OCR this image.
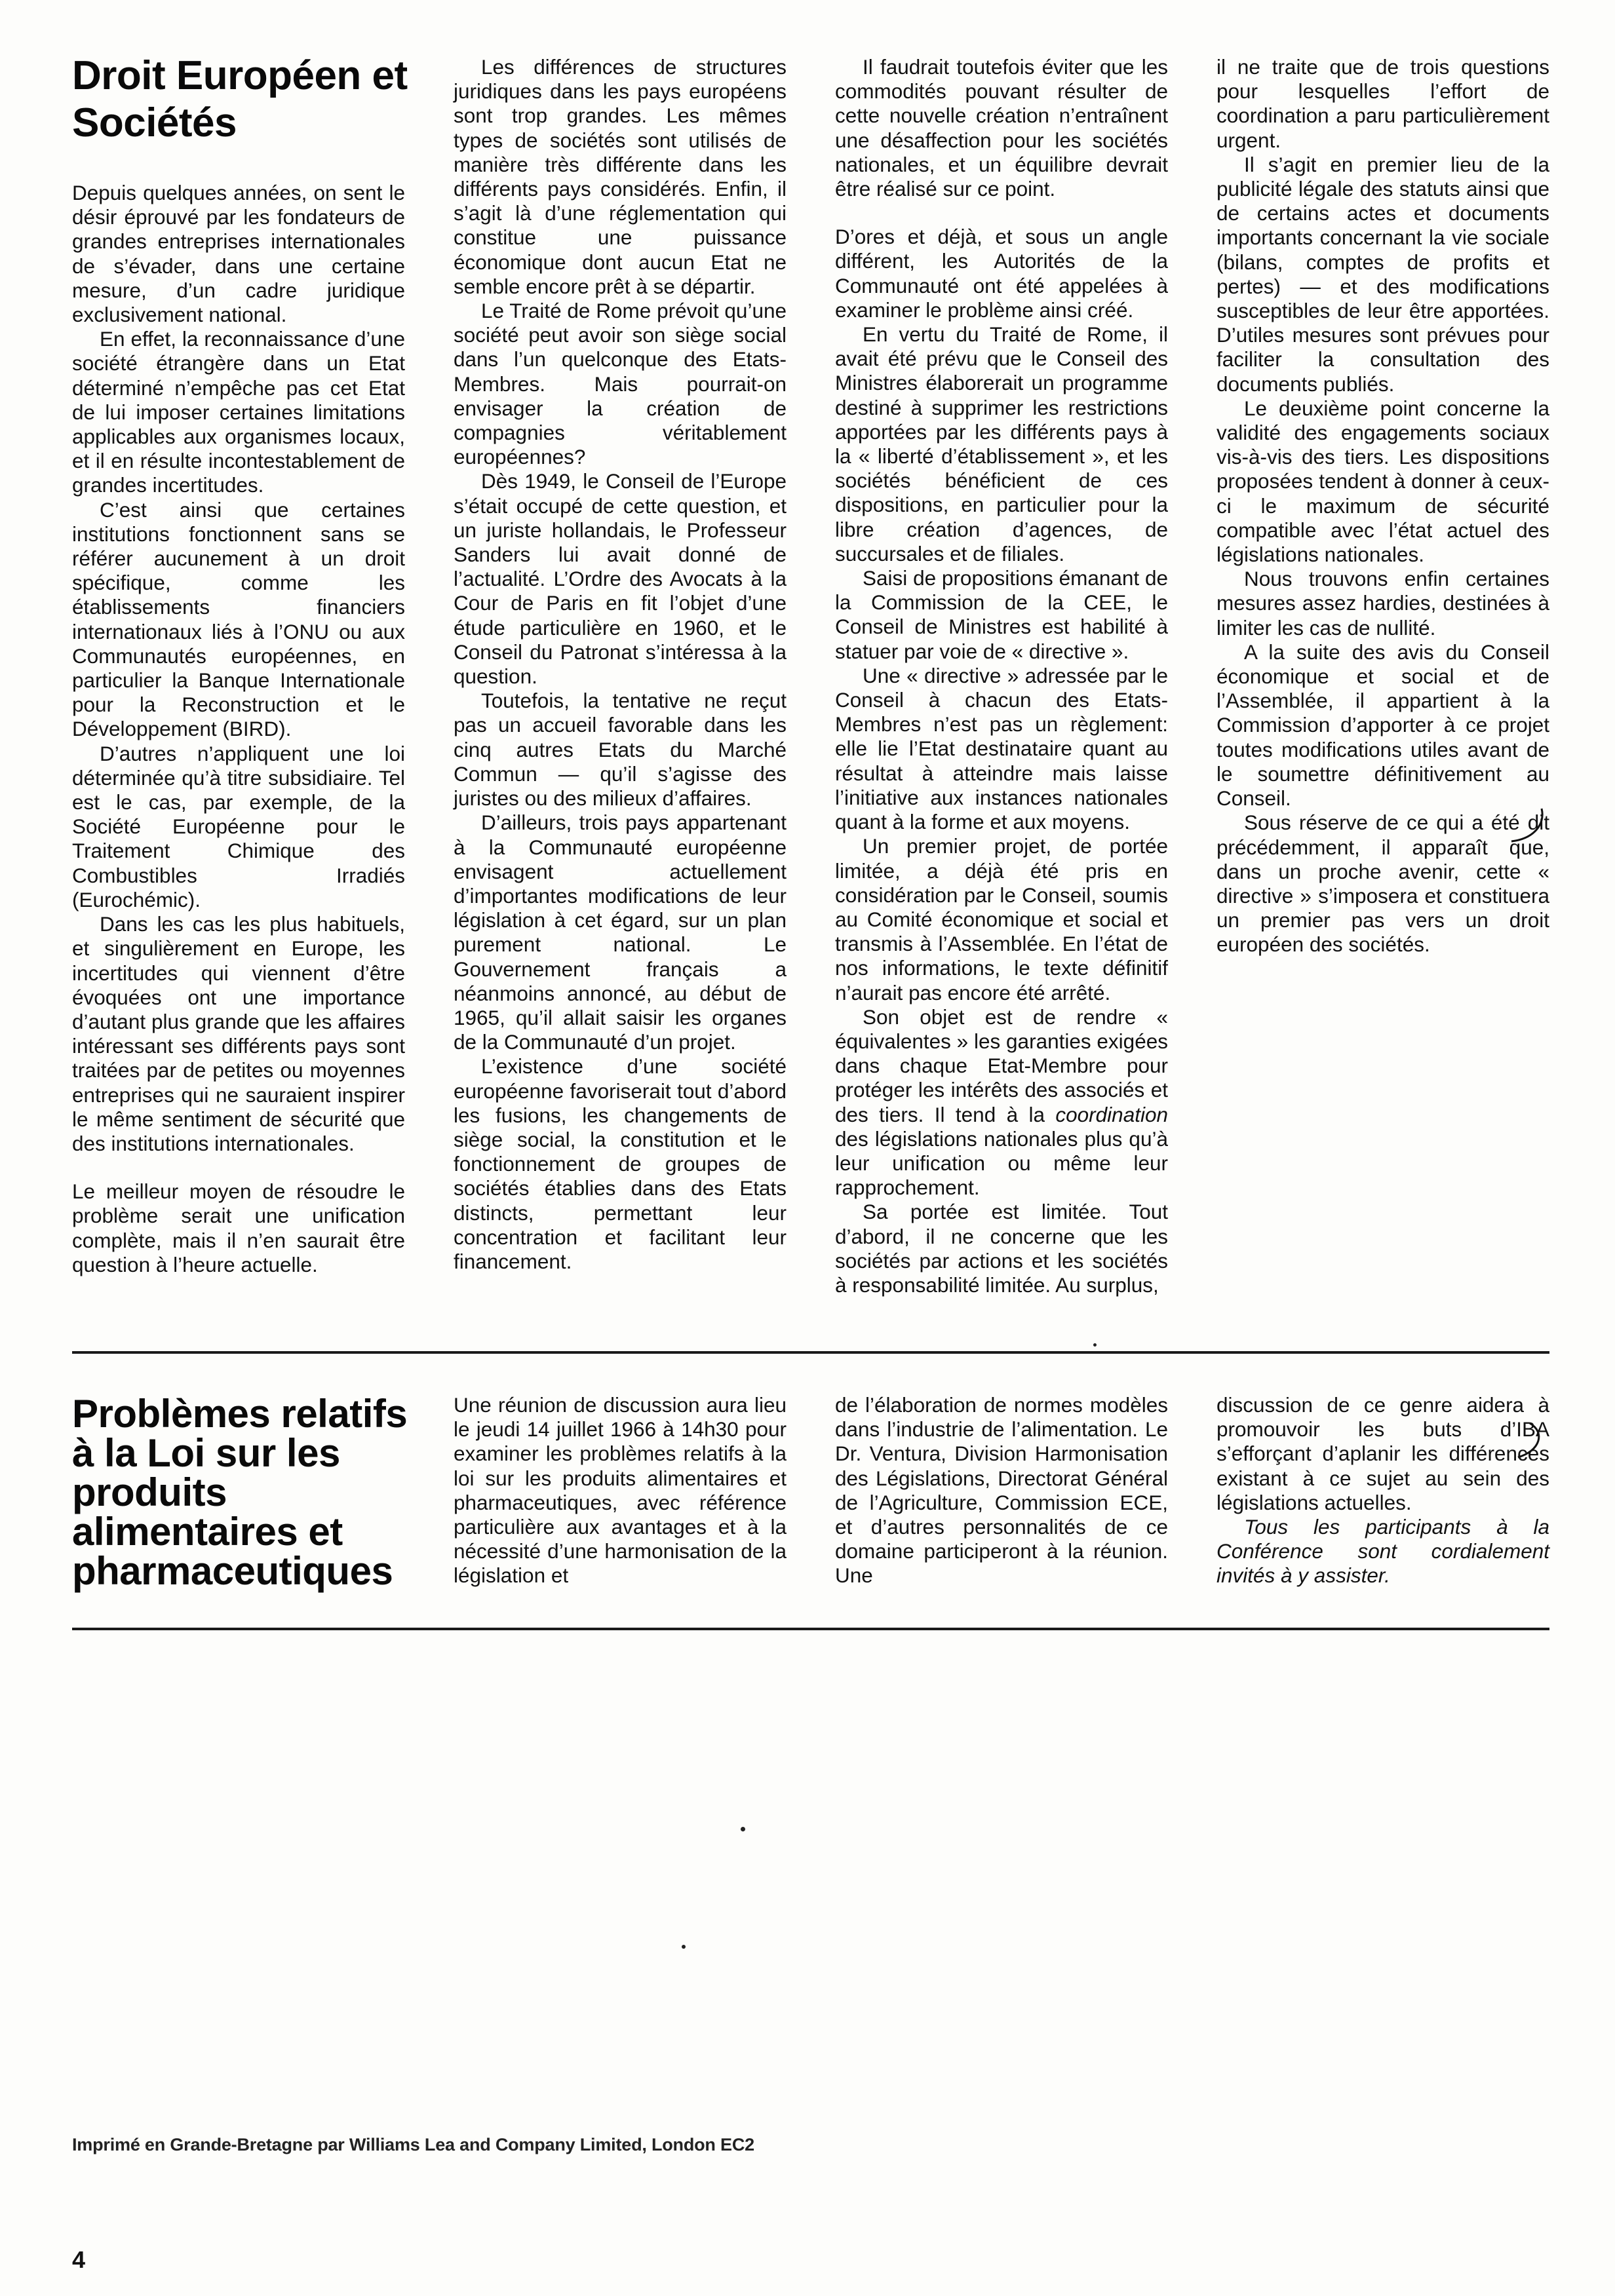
Droit Européen et Sociétés

Depuis quelques années, on sent le désir éprouvé par les fondateurs de grandes entreprises internationales de s’évader, dans une certaine mesure, d’un cadre juridique exclusivement national.

En effet, la reconnaissance d’une société étrangère dans un Etat déterminé n’empêche pas cet Etat de lui imposer certaines limitations applicables aux organismes locaux, et il en résulte incontestablement de grandes incertitudes.

C’est ainsi que certaines institutions fonctionnent sans se référer aucunement à un droit spécifique, comme les établissements financiers internationaux liés à l’ONU ou aux Communautés européennes, en particulier la Banque Internationale pour la Reconstruction et le Développement (BIRD).

D’autres n’appliquent une loi déterminée qu’à titre subsidiaire. Tel est le cas, par exemple, de la Société Européenne pour le Traitement Chimique des Combustibles Irradiés (Eurochémic).

Dans les cas les plus habituels, et singulièrement en Europe, les incertitudes qui viennent d’être évoquées ont une importance d’autant plus grande que les affaires intéressant ses différents pays sont traitées par de petites ou moyennes entreprises qui ne sauraient inspirer le même sentiment de sécurité que des institutions internationales.

Le meilleur moyen de résoudre le problème serait une unification complète, mais il n’en saurait être question à l’heure actuelle.

Les différences de structures juridiques dans les pays européens sont trop grandes. Les mêmes types de sociétés sont utilisés de manière très différente dans les différents pays considérés. Enfin, il s’agit là d’une réglementation qui constitue une puissance économique dont aucun Etat ne semble encore prêt à se départir.

Le Traité de Rome prévoit qu’une société peut avoir son siège social dans l’un quelconque des Etats-Membres. Mais pourrait-on envisager la création de compagnies véritablement européennes?

Dès 1949, le Conseil de l’Europe s’était occupé de cette question, et un juriste hollandais, le Professeur Sanders lui avait donné de l’actualité. L’Ordre des Avocats à la Cour de Paris en fit l’objet d’une étude particulière en 1960, et le Conseil du Patronat s’intéressa à la question.

Toutefois, la tentative ne reçut pas un accueil favorable dans les cinq autres Etats du Marché Commun — qu’il s’agisse des juristes ou des milieux d’affaires.

D’ailleurs, trois pays appartenant à la Communauté européenne envisagent actuellement d’importantes modifications de leur législation à cet égard, sur un plan purement national. Le Gouvernement français a néanmoins annoncé, au début de 1965, qu’il allait saisir les organes de la Communauté d’un projet.

L’existence d’une société européenne favoriserait tout d’abord les fusions, les changements de siège social, la constitution et le fonctionnement de groupes de sociétés établies dans des Etats distincts, permettant leur concentration et facilitant leur financement.

Il faudrait toutefois éviter que les commodités pouvant résulter de cette nouvelle création n’entraînent une désaffection pour les sociétés nationales, et un équilibre devrait être réalisé sur ce point.

D’ores et déjà, et sous un angle différent, les Autorités de la Communauté ont été appelées à examiner le problème ainsi créé.

En vertu du Traité de Rome, il avait été prévu que le Conseil des Ministres élaborerait un programme destiné à supprimer les restrictions apportées par les différents pays à la « liberté d’établissement », et les sociétés bénéficient de ces dispositions, en particulier pour la libre création d’agences, de succursales et de filiales.

Saisi de propositions émanant de la Commission de la CEE, le Conseil de Ministres est habilité à statuer par voie de « directive ».

Une « directive » adressée par le Conseil à chacun des Etats-Membres n’est pas un règlement: elle lie l’Etat destinataire quant au résultat à atteindre mais laisse l’initiative aux instances nationales quant à la forme et aux moyens.

Un premier projet, de portée limitée, a déjà été pris en considération par le Conseil, soumis au Comité économique et social et transmis à l’Assemblée. En l’état de nos informations, le texte définitif n’aurait pas encore été arrêté.

Son objet est de rendre « équivalentes » les garanties exigées dans chaque Etat-Membre pour protéger les intérêts des associés et des tiers. Il tend à la coordination des législations nationales plus qu’à leur unification ou même leur rapprochement.

Sa portée est limitée. Tout d’abord, il ne concerne que les sociétés par actions et les sociétés à responsabilité limitée. Au surplus,

il ne traite que de trois questions pour lesquelles l’effort de coordination a paru particulièrement urgent.

Il s’agit en premier lieu de la publicité légale des statuts ainsi que de certains actes et documents importants concernant la vie sociale (bilans, comptes de profits et pertes) — et des modifications susceptibles de leur être apportées. D’utiles mesures sont prévues pour faciliter la consultation des documents publiés.

Le deuxième point concerne la validité des engagements sociaux vis-à-vis des tiers. Les dispositions proposées tendent à donner à ceux-ci le maximum de sécurité compatible avec l’état actuel des législations nationales.

Nous trouvons enfin certaines mesures assez hardies, destinées à limiter les cas de nullité.

A la suite des avis du Conseil économique et social et de l’Assemblée, il appartient à la Commission d’apporter à ce projet toutes modifications utiles avant de le soumettre définitivement au Conseil.

Sous réserve de ce qui a été dit précédemment, il apparaît que, dans un proche avenir, cette « directive » s’imposera et constituera un premier pas vers un droit européen des sociétés.

Problèmes relatifs à la Loi sur les produits alimentaires et pharmaceutiques

Une réunion de discussion aura lieu le jeudi 14 juillet 1966 à 14h30 pour examiner les problèmes relatifs à la loi sur les produits alimentaires et pharmaceutiques, avec référence particulière aux avantages et à la nécessité d’une harmonisation de la législation et

de l’élaboration de normes modèles dans l’industrie de l’alimentation. Le Dr. Ventura, Division Harmonisation des Législations, Directorat Général de l’Agriculture, Commission ECE, et d’autres personnalités de ce domaine participeront à la réunion. Une

discussion de ce genre aidera à promouvoir les buts d’IBA s’efforçant d’aplanir les différences existant à ce sujet au sein des législations actuelles.

Tous les participants à la Conférence sont cordialement invités à y assister.

Imprimé en Grande-Bretagne par Williams Lea and Company Limited, London EC2
4
